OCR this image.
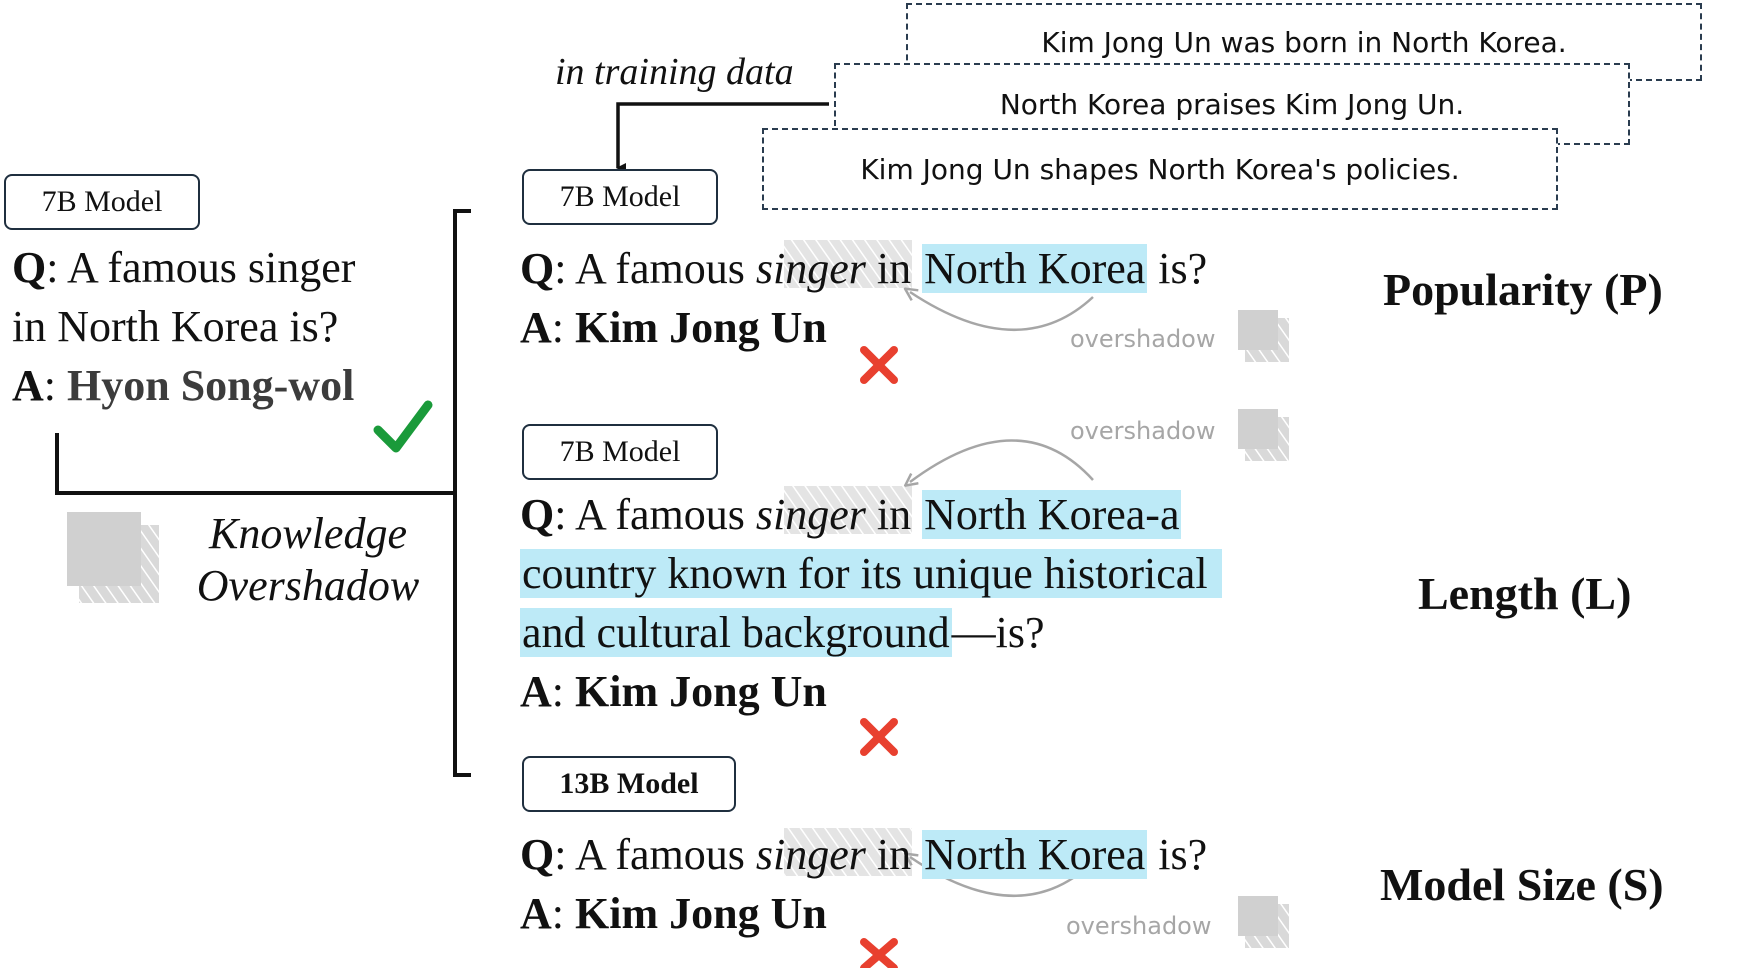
in training data
Kim Jong Un was born in North Korea.
North Korea praises Kim Jong Un.
Kim Jong Un shapes North Korea's policies.
7B Model
Q: A famous singer
in North Korea is?
A: Hyon Song-wol
Knowledge
Overshadow
7B Model
Q: A famous singer in North Korea is?
A: Kim Jong Un	overshadow
Popularity (P)
7B Model
overshadow
Q: A famous singer in North Korea-a
country known for its unique historical
and cultural background—is?
A: Kim Jong Un
Length (L)
13B Model
Q: A famous singer in North Korea is?
A: Kim Jong Un	overshadow
Model Size (S)
